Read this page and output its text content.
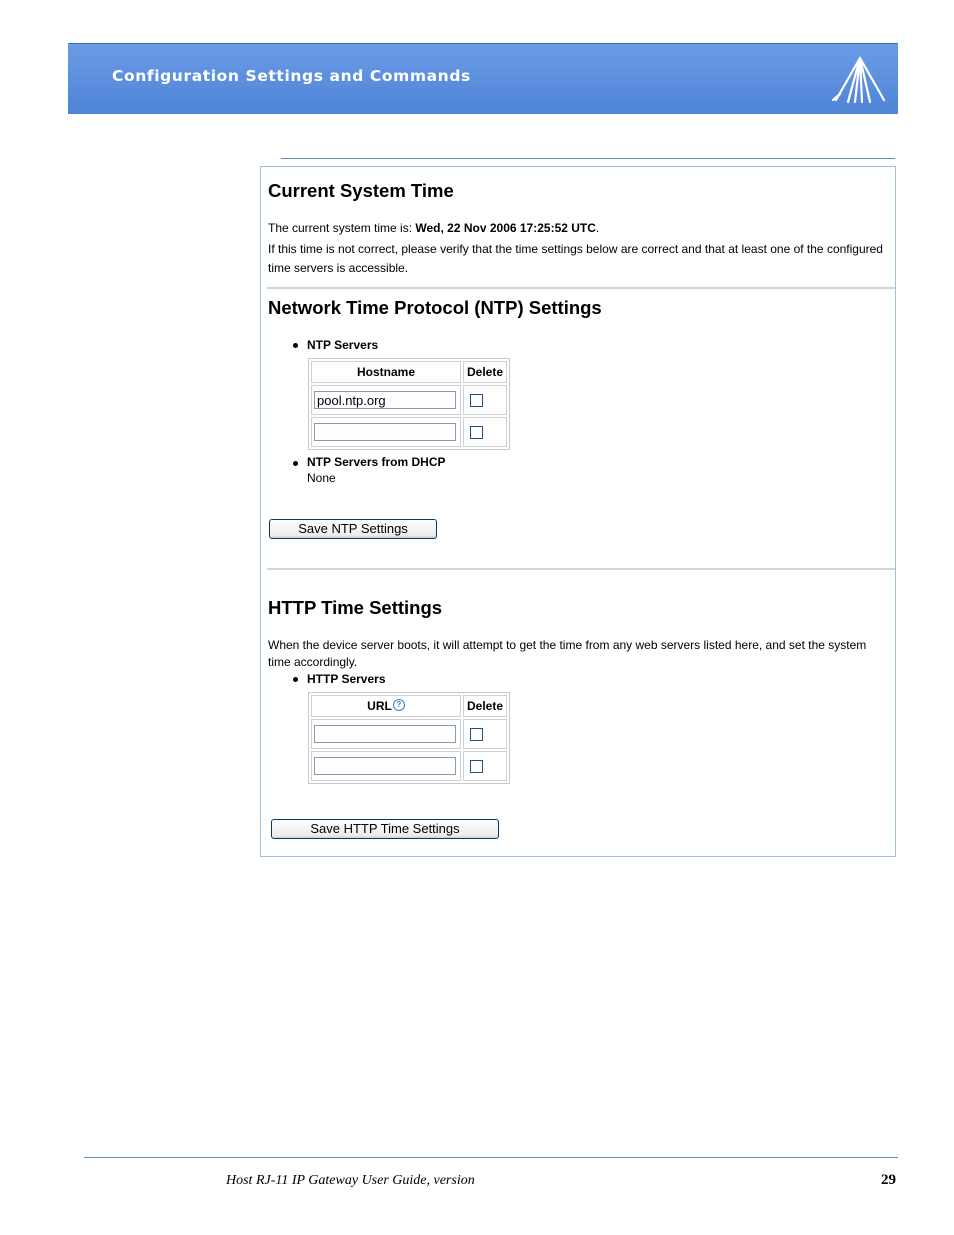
Configuration Settings and Commands
Current System Time
The current system time is: Wed, 22 Nov 2006 17:25:52 UTC.
If this time is not correct, please verify that the time settings below are correct and that at least one of the configured
time servers is accessible.
Network Time Protocol (NTP) Settings
NTP Servers
Hostname	Delete

pool.ntp.org	

NTP Servers from DHCP
None
Save NTP Settings
HTTP Time Settings
When the device server boots, it will attempt to get the time from any web servers listed here, and set the system
time accordingly.
HTTP Servers
URL ?	Delete

Save HTTP Time Settings
Host RJ-11 IP Gateway User Guide, version	29
